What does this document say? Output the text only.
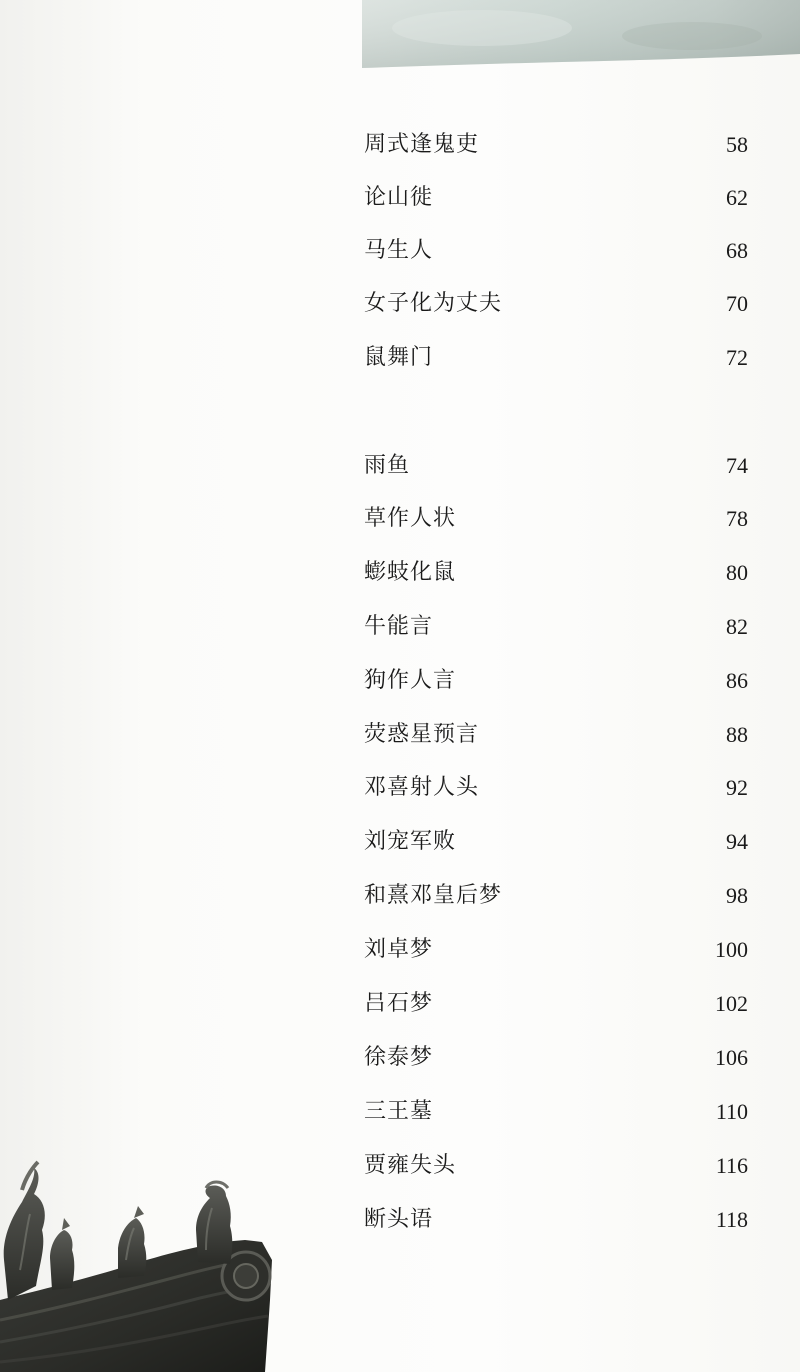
周式逢鬼吏	58
论山徙	62
马生人	68
女子化为丈夫	70
鼠舞门	72
雨鱼	74
草作人状	78
蟛蚑化鼠	80
牛能言	82
狗作人言	86
荧惑星预言	88
邓喜射人头	92
刘宠军败	94
和熹邓皇后梦	98
刘卓梦	100
吕石梦	102
徐泰梦	106
三王墓	110
贾雍失头	116
断头语	118
